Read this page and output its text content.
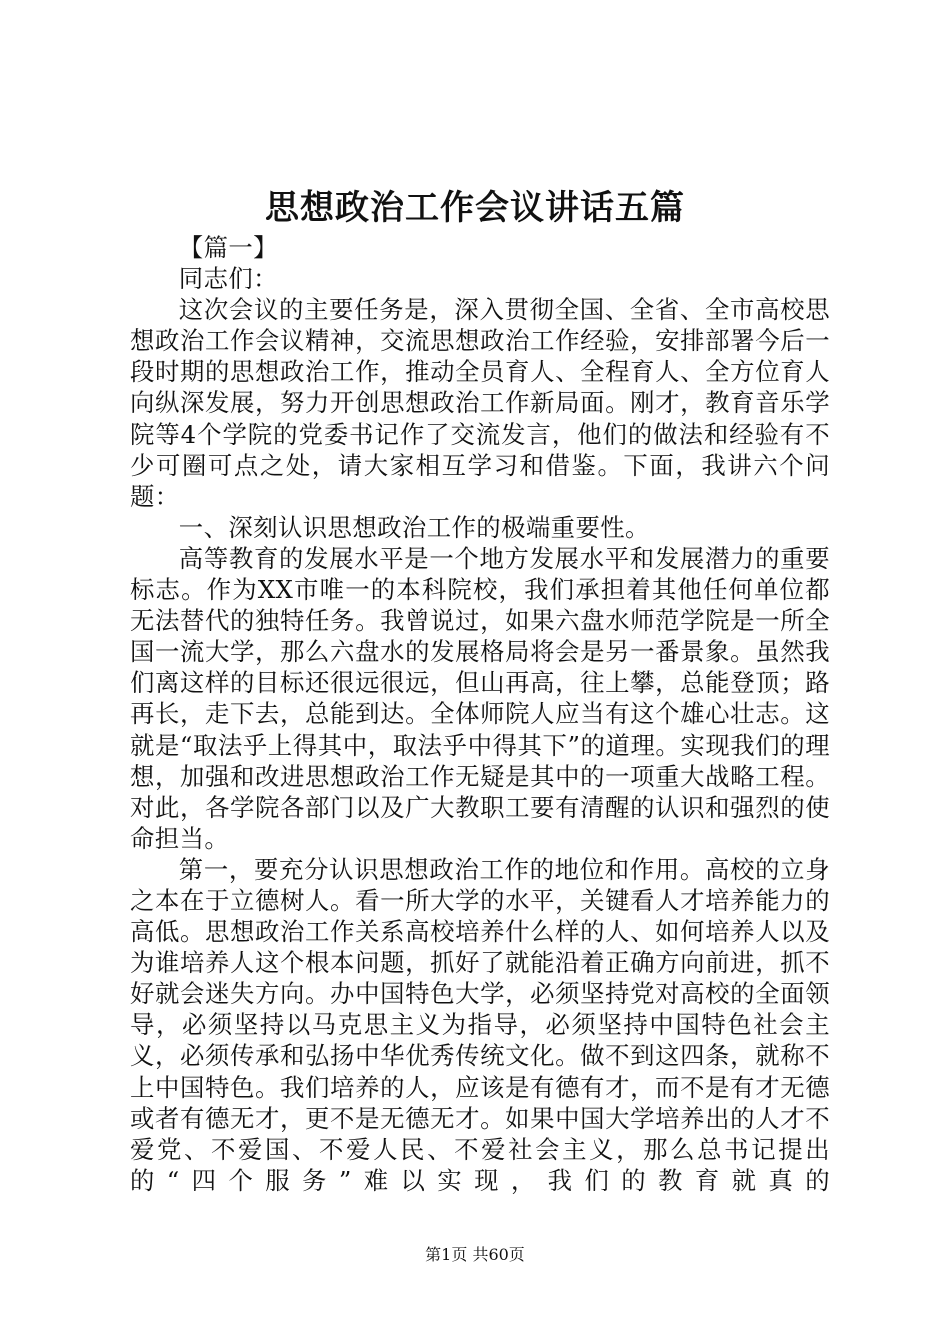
思想政治工作会议讲话五篇

【篇一】

同志们：

这次会议的主要任务是，深入贯彻全国、全省、全市高校思想政治工作会议精神，交流思想政治工作经验，安排部署今后一段时期的思想政治工作，推动全员育人、全程育人、全方位育人向纵深发展，努力开创思想政治工作新局面。刚才，教育音乐学院等4个学院的党委书记作了交流发言，他们的做法和经验有不少可圈可点之处，请大家相互学习和借鉴。下面，我讲六个问题：

一、深刻认识思想政治工作的极端重要性。

高等教育的发展水平是一个地方发展水平和发展潜力的重要标志。作为XX市唯一的本科院校，我们承担着其他任何单位都无法替代的独特任务。我曾说过，如果六盘水师范学院是一所全国一流大学，那么六盘水的发展格局将会是另一番景象。虽然我们离这样的目标还很远很远，但山再高，往上攀，总能登顶；路再长，走下去，总能到达。全体师院人应当有这个雄心壮志。这就是“取法乎上得其中，取法乎中得其下”的道理。实现我们的理想，加强和改进思想政治工作无疑是其中的一项重大战略工程。对此，各学院各部门以及广大教职工要有清醒的认识和强烈的使命担当。

第一，要充分认识思想政治工作的地位和作用。高校的立身之本在于立德树人。看一所大学的水平，关键看人才培养能力的高低。思想政治工作关系高校培养什么样的人、如何培养人以及为谁培养人这个根本问题，抓好了就能沿着正确方向前进，抓不好就会迷失方向。办中国特色大学，必须坚持党对高校的全面领导，必须坚持以马克思主义为指导，必须坚持中国特色社会主义，必须传承和弘扬中华优秀传统文化。做不到这四条，就称不上中国特色。我们培养的人，应该是有德有才，而不是有才无德或者有德无才，更不是无德无才。如果中国大学培养出的人才不爱党、不爱国、不爱人民、不爱社会主义，那么总书记提出的“四个服务”难以实现，我们的教育就真的

第1页 共60页
